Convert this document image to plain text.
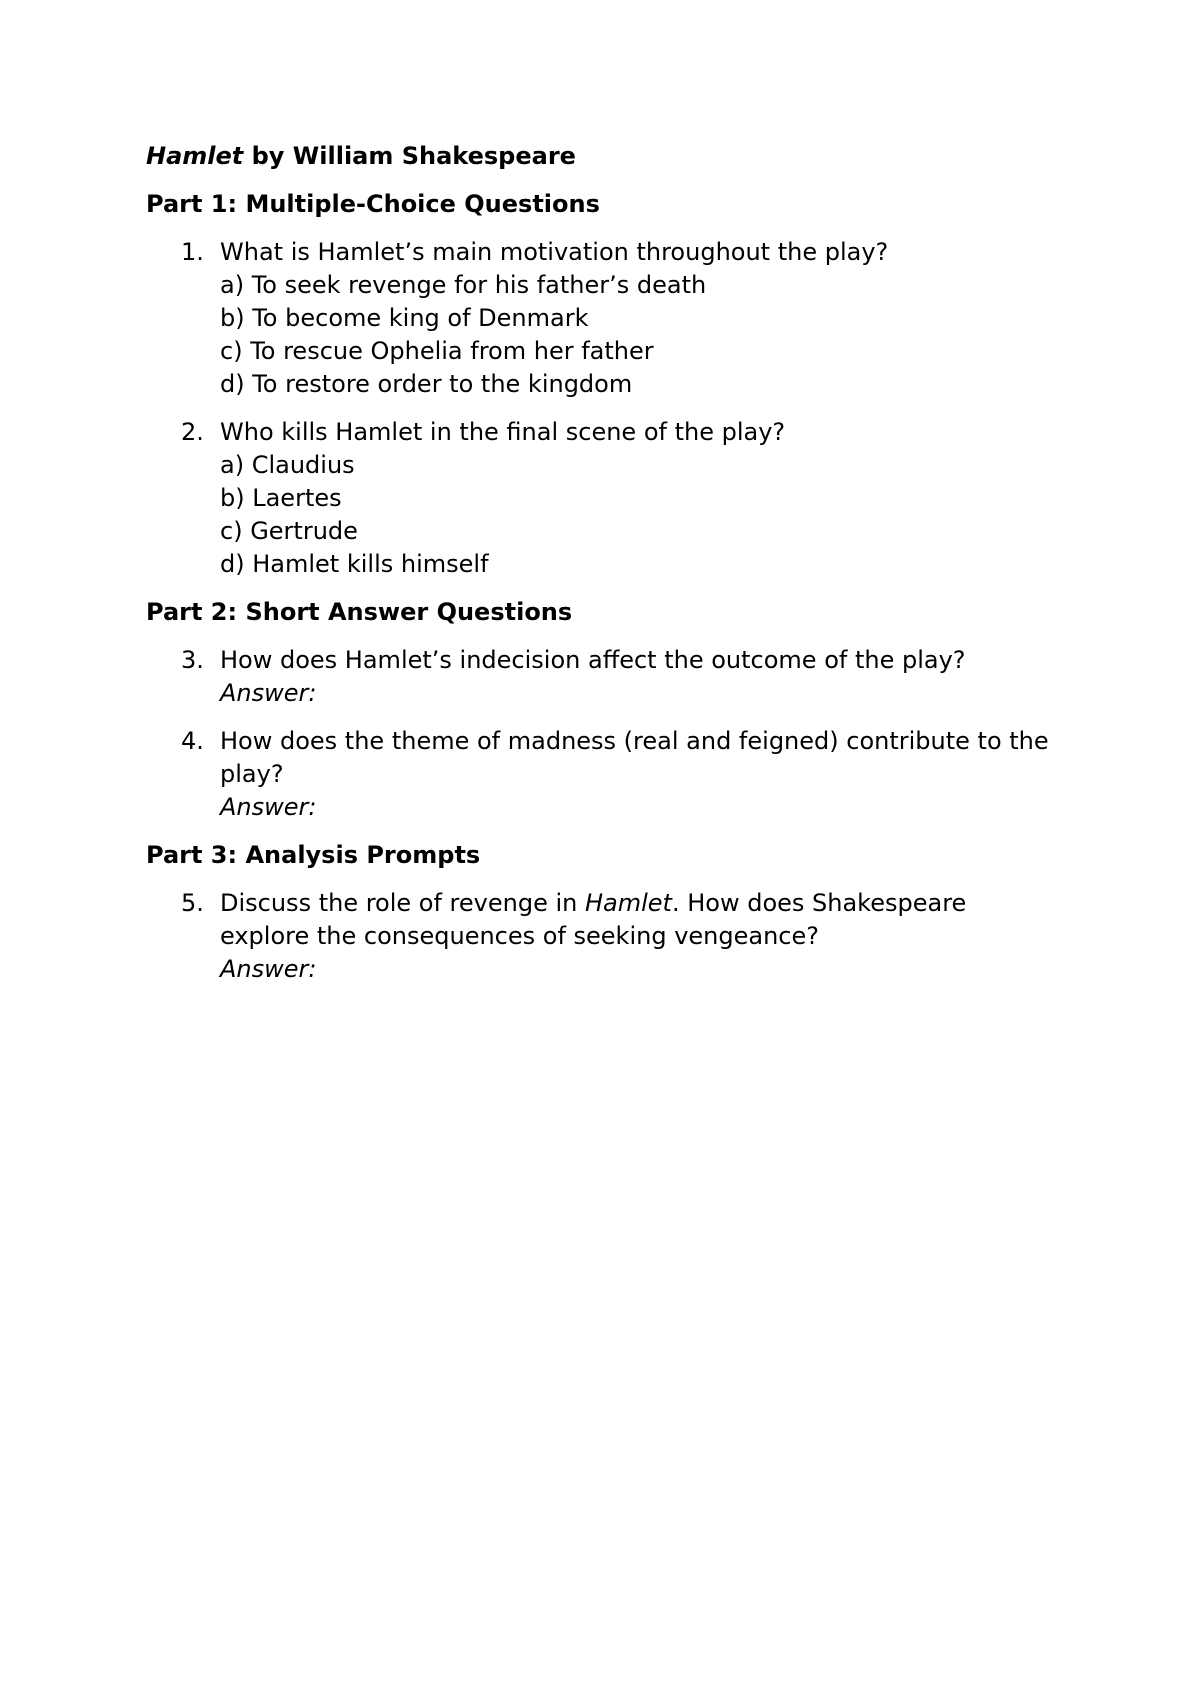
Hamlet by William Shakespeare
Part 1: Multiple-Choice Questions
1. What is Hamlet’s main motivation throughout the play?
a) To seek revenge for his father’s death
b) To become king of Denmark
c) To rescue Ophelia from her father
d) To restore order to the kingdom
2. Who kills Hamlet in the final scene of the play?
a) Claudius
b) Laertes
c) Gertrude
d) Hamlet kills himself
Part 2: Short Answer Questions
3. How does Hamlet’s indecision affect the outcome of the play?
Answer:
4. How does the theme of madness (real and feigned) contribute to the
play?
Answer:
Part 3: Analysis Prompts
5. Discuss the role of revenge in Hamlet. How does Shakespeare
explore the consequences of seeking vengeance?
Answer:
